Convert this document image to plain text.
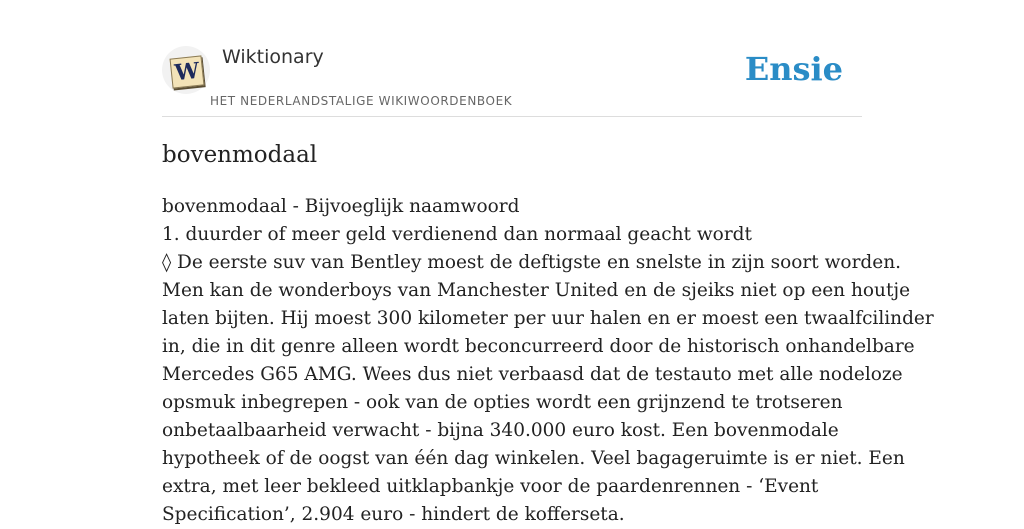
W
Wiktionary
HET NEDERLANDSTALIGE WIKIWOORDENBOEK
Ensie
bovenmodaal
bovenmodaal - Bijvoeglijk naamwoord
1. duurder of meer geld verdienend dan normaal geacht wordt
◊ De eerste suv van Bentley moest de deftigste en snelste in zijn soort worden.
Men kan de wonderboys van Manchester United en de sjeiks niet op een houtje
laten bijten. Hij moest 300 kilometer per uur halen en er moest een twaalfcilinder
in, die in dit genre alleen wordt beconcurreerd door de historisch onhandelbare
Mercedes G65 AMG. Wees dus niet verbaasd dat de testauto met alle nodeloze
opsmuk inbegrepen - ook van de opties wordt een grijnzend te trotseren
onbetaalbaarheid verwacht - bijna 340.000 euro kost. Een bovenmodale
hypotheek of de oogst van één dag winkelen. Veel bagageruimte is er niet. Een
extra, met leer bekleed uitklapbankje voor de paardenrennen - ‘Event
Specification’, 2.904 euro - hindert de kofferseta.
